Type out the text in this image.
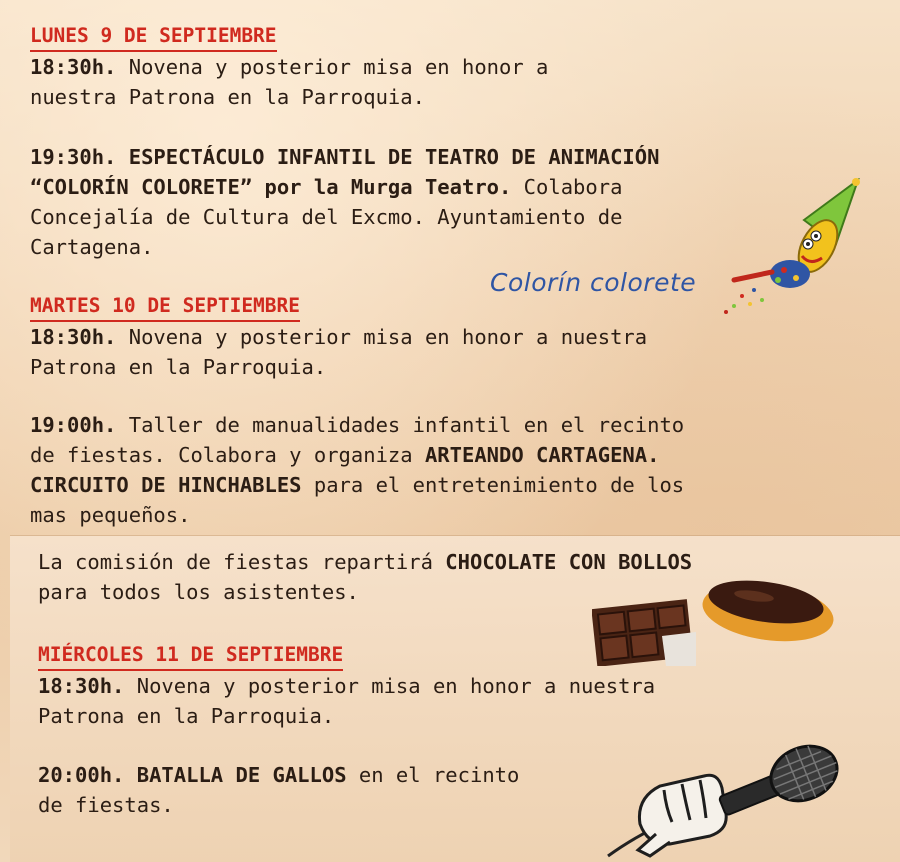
LUNES 9 DE SEPTIEMBRE
18:30h. Novena y posterior misa en honor a
nuestra Patrona en la Parroquia.
19:30h. ESPECTÁCULO INFANTIL DE TEATRO DE ANIMACIÓN
“COLORÍN COLORETE” por la Murga Teatro. Colabora
Concejalía de Cultura del Excmo. Ayuntamiento de
Cartagena.
Colorín colorete
MARTES 10 DE SEPTIEMBRE
18:30h. Novena y posterior misa en honor a nuestra
Patrona en la Parroquia.
19:00h. Taller de manualidades infantil en el recinto
de fiestas. Colabora y organiza ARTEANDO CARTAGENA.
CIRCUITO DE HINCHABLES para el entretenimiento de los
mas pequeños.
La comisión de fiestas repartirá CHOCOLATE CON BOLLOS
para todos los asistentes.
MIÉRCOLES 11 DE SEPTIEMBRE
18:30h. Novena y posterior misa en honor a nuestra
Patrona en la Parroquia.
20:00h. BATALLA DE GALLOS en el recinto
de fiestas.
